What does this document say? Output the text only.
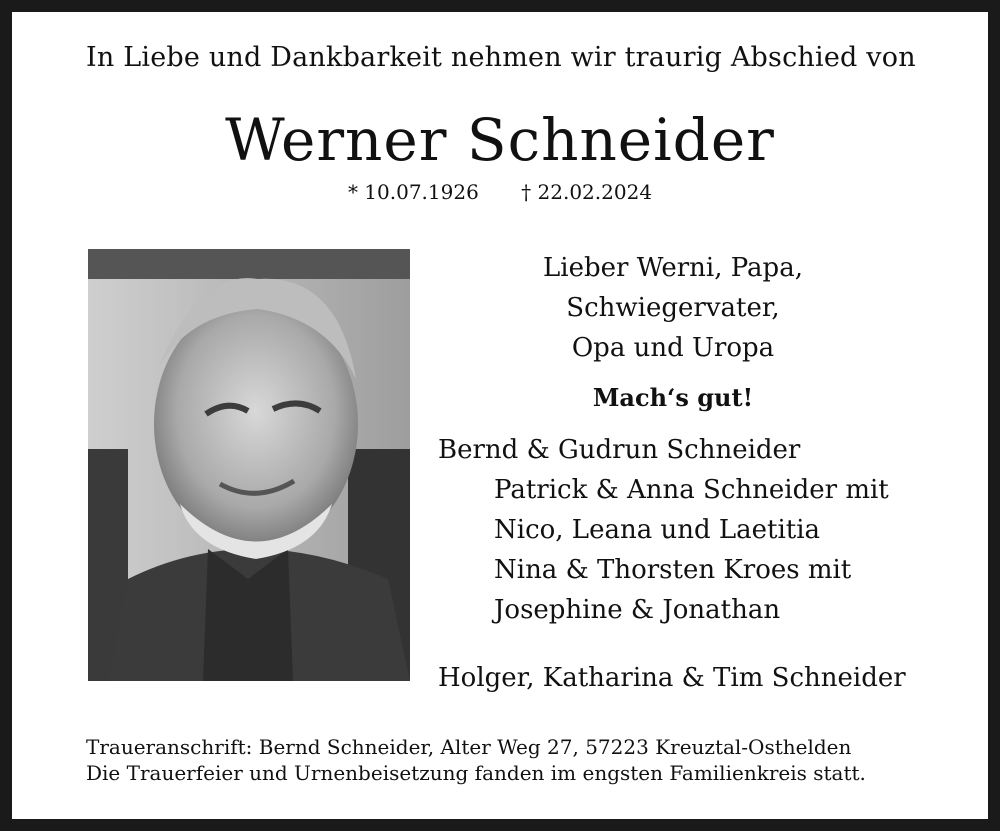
In Liebe und Dankbarkeit nehmen wir traurig Abschied von
Werner Schneider
* 10.07.1926 † 22.02.2024
Lieber Werni, Papa, Schwiegervater,
Opa und Uropa
Mach‘s gut!
Bernd & Gudrun Schneider
Patrick & Anna Schneider mit
Nico, Leana und Laetitia
Nina & Thorsten Kroes mit
Josephine & Jonathan
Holger, Katharina & Tim Schneider
Traueranschrift: Bernd Schneider, Alter Weg 27, 57223 Kreuztal-Osthelden
Die Trauerfeier und Urnenbeisetzung fanden im engsten Familienkreis statt.
